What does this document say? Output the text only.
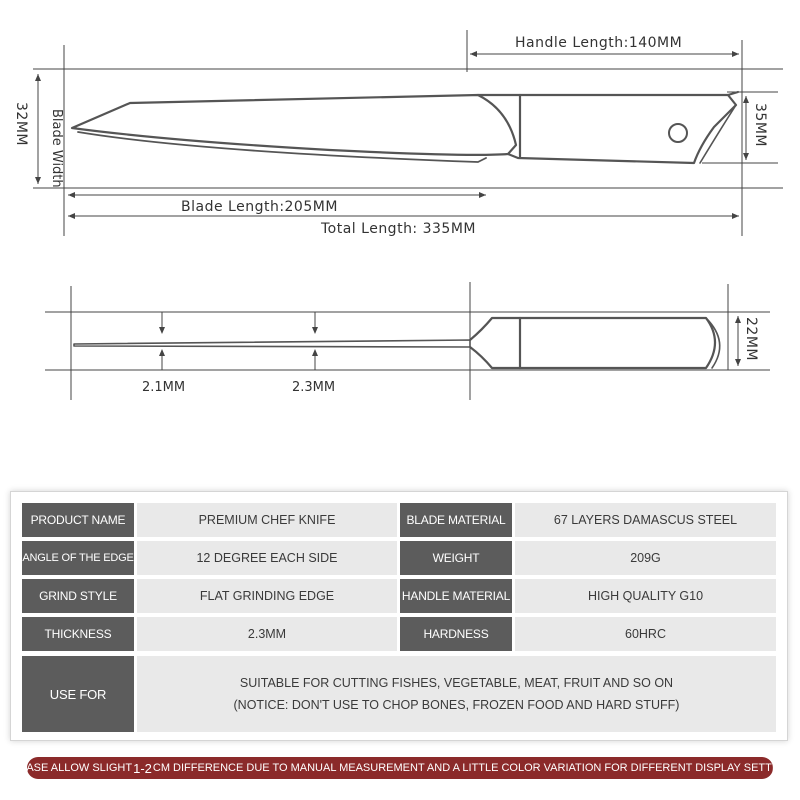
Handle Length:140MM
Blade Length:205MM
Total Length: 335MM
32MM Blade Width	35MM
2.1MM	2.3MM
22MM
PRODUCT NAME	PREMIUM CHEF KNIFE	BLADE MATERIAL	67 LAYERS DAMASCUS STEEL
ANGLE OF THE EDGE	12 DEGREE EACH SIDE	WEIGHT	209G
GRIND STYLE	FLAT GRINDING EDGE	HANDLE MATERIAL	HIGH QUALITY G10
THICKNESS	2.3MM	HARDNESS	60HRC
USE FOR
SUITABLE FOR CUTTING FISHES, VEGETABLE, MEAT, FRUIT AND SO ON
(NOTICE: DON'T USE TO CHOP BONES, FROZEN FOOD AND HARD STUFF)
PLEASE ALLOW SLIGHT 1-2 CM DIFFERENCE DUE TO MANUAL MEASUREMENT AND A LITTLE COLOR VARIATION FOR DIFFERENT DISPLAY SETTING.
